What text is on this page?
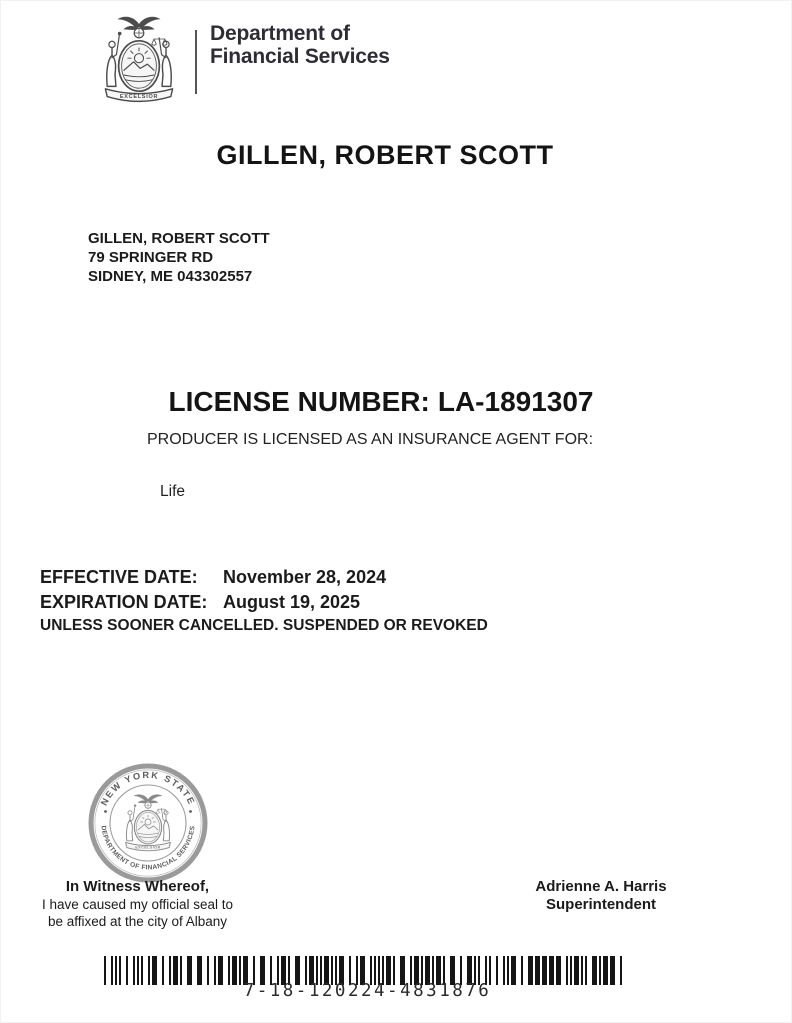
Department of
Financial Services
GILLEN, ROBERT SCOTT
GILLEN, ROBERT SCOTT
79 SPRINGER RD
SIDNEY, ME 043302557
LICENSE NUMBER: LA-1891307
PRODUCER IS LICENSED AS AN INSURANCE AGENT FOR:
Life
EFFECTIVE DATE:	November 28, 2024
EXPIRATION DATE: August 19, 2025
UNLESS SOONER CANCELLED. SUSPENDED OR REVOKED
NEW YORK STATE
DEPARTMENT OF FINANCIAL SERVICES
In Witness Whereof,
I have caused my official seal to
be affixed at the city of Albany
Adrienne A. Harris
Superintendent
7-18-120224-4831876
